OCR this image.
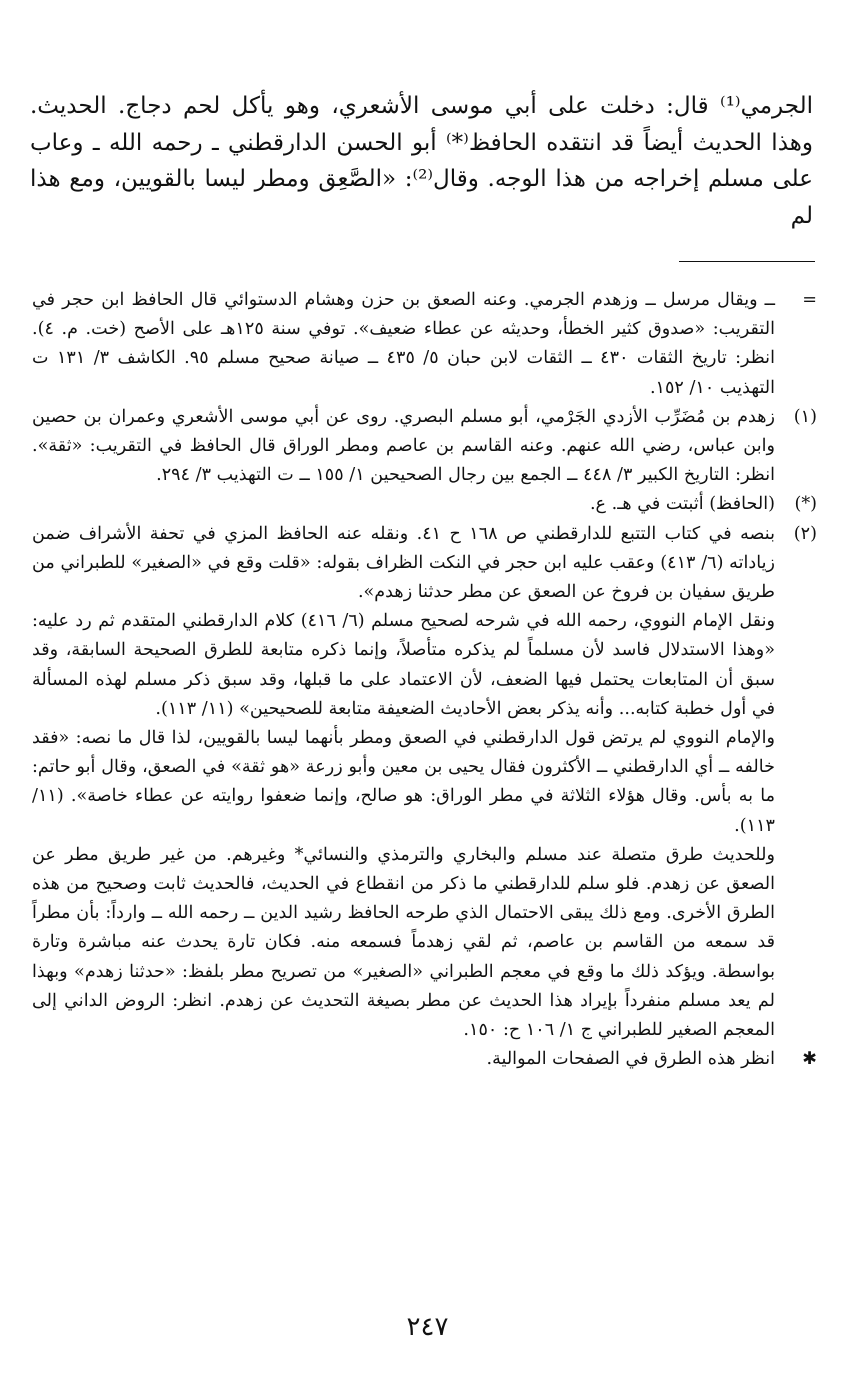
الجرمي⁽¹⁾ قال: دخلت على أبي موسى الأشعري، وهو يأكل لحم دجاج. الحديث. وهذا الحديث أيضاً قد انتقده الحافظ⁽*⁾ أبو الحسن الدارقطني ـ رحمه الله ـ وعاب على مسلم إخراجه من هذا الوجه. وقال⁽²⁾: «الصَّعِق ومطر ليسا بالقويين، ومع هذا لم

=

ــ ويقال مرسل ــ وزهدم الجرمي. وعنه الصعق بن حزن وهشام الدستوائي قال الحافظ ابن حجر في التقريب: «صدوق كثير الخطأ، وحديثه عن عطاء ضعيف». توفي سنة ١٢٥هـ على الأصح (خت. م. ٤). انظر: تاريخ الثقات ٤٣٠ ــ الثقات لابن حبان ٥/ ٤٣٥ ــ صيانة صحيح مسلم ٩٥. الكاشف ٣/ ١٣١ ت التهذيب ١٠/ ١٥٢.

(١)

زهدم بن مُضَرِّب الأزدي الجَرْمي، أبو مسلم البصري. روى عن أبي موسى الأشعري وعمران بن حصين وابن عباس، رضي الله عنهم. وعنه القاسم بن عاصم ومطر الوراق قال الحافظ في التقريب: «ثقة». انظر: التاريخ الكبير ٣/ ٤٤٨ ــ الجمع بين رجال الصحيحين ١/ ١٥٥ ــ ت التهذيب ٣/ ٢٩٤.

(*)

(الحافظ) أثبتت في هـ. ع.

(٢)

بنصه في كتاب التتبع للدارقطني ص ١٦٨ ح ٤١. ونقله عنه الحافظ المزي في تحفة الأشراف ضمن زياداته (٦/ ٤١٣) وعقب عليه ابن حجر في النكت الظراف بقوله: «قلت وقع في «الصغير» للطبراني من طريق سفيان بن فروخ عن الصعق عن مطر حدثنا زهدم».

ونقل الإمام النووي، رحمه الله في شرحه لصحيح مسلم (٦/ ٤١٦) كلام الدارقطني المتقدم ثم رد عليه: «وهذا الاستدلال فاسد لأن مسلماً لم يذكره متأصلاً، وإنما ذكره متابعة للطرق الصحيحة السابقة، وقد سبق أن المتابعات يحتمل فيها الضعف، لأن الاعتماد على ما قبلها، وقد سبق ذكر مسلم لهذه المسألة في أول خطبة كتابه... وأنه يذكر بعض الأحاديث الضعيفة متابعة للصحيحين» (١١/ ١١٣).

والإمام النووي لم يرتض قول الدارقطني في الصعق ومطر بأنهما ليسا بالقويين، لذا قال ما نصه: «فقد خالفه ــ أي الدارقطني ــ الأكثرون فقال يحيى بن معين وأبو زرعة «هو ثقة» في الصعق، وقال أبو حاتم: ما به بأس. وقال هؤلاء الثلاثة في مطر الوراق: هو صالح، وإنما ضعفوا روايته عن عطاء خاصة». (١١/ ١١٣).

وللحديث طرق متصلة عند مسلم والبخاري والترمذي والنسائي* وغيرهم. من غير طريق مطر عن الصعق عن زهدم. فلو سلم للدارقطني ما ذكر من انقطاع في الحديث، فالحديث ثابت وصحيح من هذه الطرق الأخرى. ومع ذلك يبقى الاحتمال الذي طرحه الحافظ رشيد الدين ــ رحمه الله ــ وارداً: بأن مطراً قد سمعه من القاسم بن عاصم، ثم لقي زهدماً فسمعه منه. فكان تارة يحدث عنه مباشرة وتارة بواسطة. ويؤكد ذلك ما وقع في معجم الطبراني «الصغير» من تصريح مطر بلفظ: «حدثنا زهدم» وبهذا لم يعد مسلم منفرداً بإيراد هذا الحديث عن مطر بصيغة التحديث عن زهدم. انظر: الروض الداني إلى المعجم الصغير للطبراني ج ١/ ١٠٦ ح: ١٥٠.

✱

انظر هذه الطرق في الصفحات الموالية.

٢٤٧
